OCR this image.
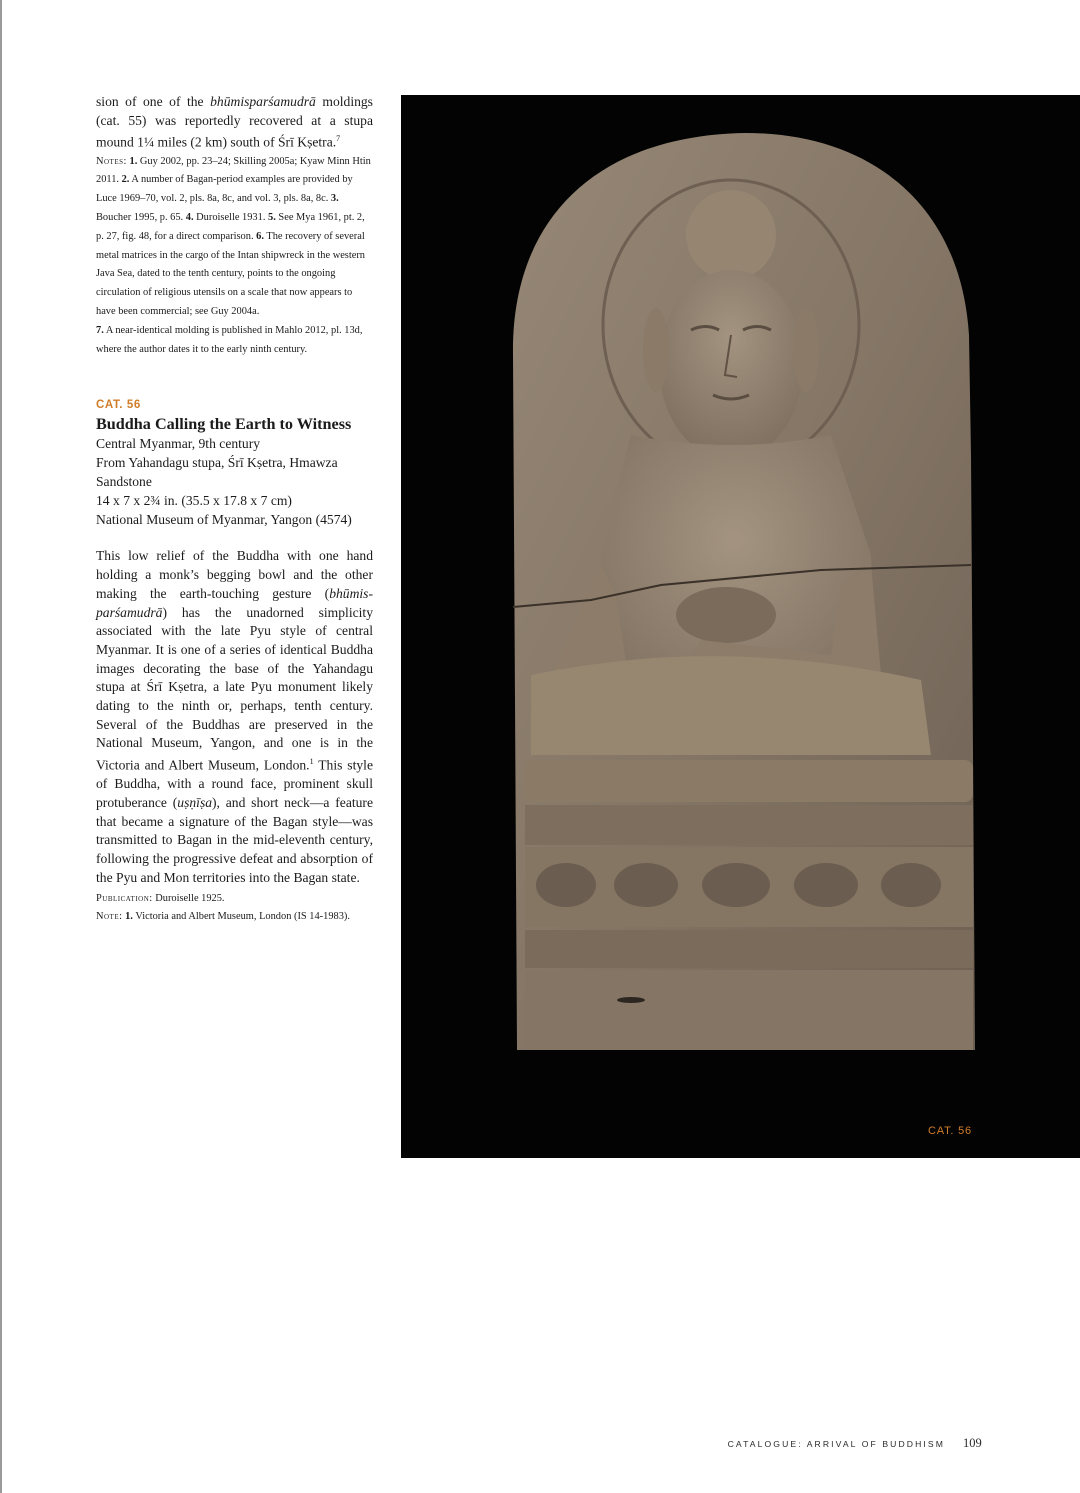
sion of one of the bhūmisparśamudrā moldings (cat. 55) was reportedly recovered at a stupa mound 1¼ miles (2 km) south of Śrī Kṣetra.$^7$

Notes: 1. Guy 2002, pp. 23–24; Skilling 2005a; Kyaw Minn Htin 2011. 2. A number of Bagan-period examples are provided by Luce 1969–70, vol. 2, pls. 8a, 8c, and vol. 3, pls. 8a, 8c. 3. Boucher 1995, p. 65. 4. Duroiselle 1931. 5. See Mya 1961, pt. 2, p. 27, fig. 48, for a direct comparison. 6. The recovery of several metal matrices in the cargo of the Intan shipwreck in the western Java Sea, dated to the tenth century, points to the ongoing circulation of religious utensils on a scale that now appears to have been commercial; see Guy 2004a.
7. A near-identical molding is published in Mahlo 2012, pl. 13d, where the author dates it to the early ninth century.

CAT. 56
Buddha Calling the Earth to Witness

Central Myanmar, 9th century
From Yahandagu stupa, Śrī Kṣetra, Hmawza
Sandstone
14 x 7 x 2¾ in. (35.5 x 17.8 x 7 cm)
National Museum of Myanmar, Yangon (4574)

This low relief of the Buddha with one hand holding a monk’s begging bowl and the other making the earth-touching gesture (bhūmisparśamudrā) has the unadorned simplicity associated with the late Pyu style of central Myanmar. It is one of a series of identical Buddha images decorating the base of the Yahandagu stupa at Śrī Kṣetra, a late Pyu monument likely dating to the ninth or, perhaps, tenth century. Several of the Buddhas are preserved in the National Museum, Yangon, and one is in the Victoria and Albert Museum, London.$^1$ This style of Buddha, with a round face, prominent skull protuberance (uṣṇīṣa), and short neck—a feature that became a signature of the Bagan style—was transmitted to Bagan in the mid-eleventh century, following the progressive defeat and absorption of the Pyu and Mon territories into the Bagan state.

Publication: Duroiselle 1925.

Note: 1. Victoria and Albert Museum, London (IS 14-1983).

CAT. 56
CATALOGUE: ARRIVAL OF BUDDHISM 109
